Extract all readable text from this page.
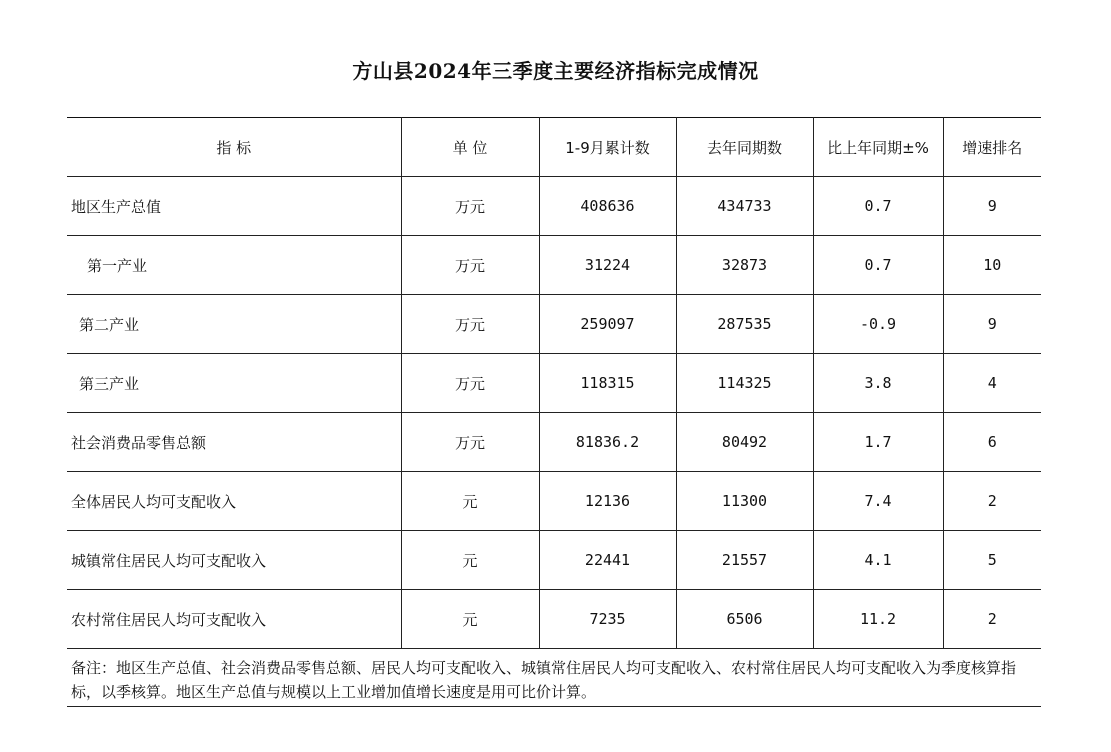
方山县2024年三季度主要经济指标完成情况
指 标	单 位	1-9月累计数	去年同期数	比上年同期±%	增速排名
地区生产总值	万元	408636	434733	0.7	9
第一产业	万元	31224	32873	0.7	10
第二产业	万元	259097	287535	-0.9	9
第三产业	万元	118315	114325	3.8	4
社会消费品零售总额	万元	81836.2	80492	1.7	6
全体居民人均可支配收入	元	12136	11300	7.4	2
城镇常住居民人均可支配收入	元	22441	21557	4.1	5
农村常住居民人均可支配收入	元	7235	6506	11.2	2
备注：地区生产总值、社会消费品零售总额、居民人均可支配收入、城镇常住居民人均可支配收入、农村常住居民人均可支配收入为季度核算指标，以季核算。地区生产总值与规模以上工业增加值增长速度是用可比价计算。
